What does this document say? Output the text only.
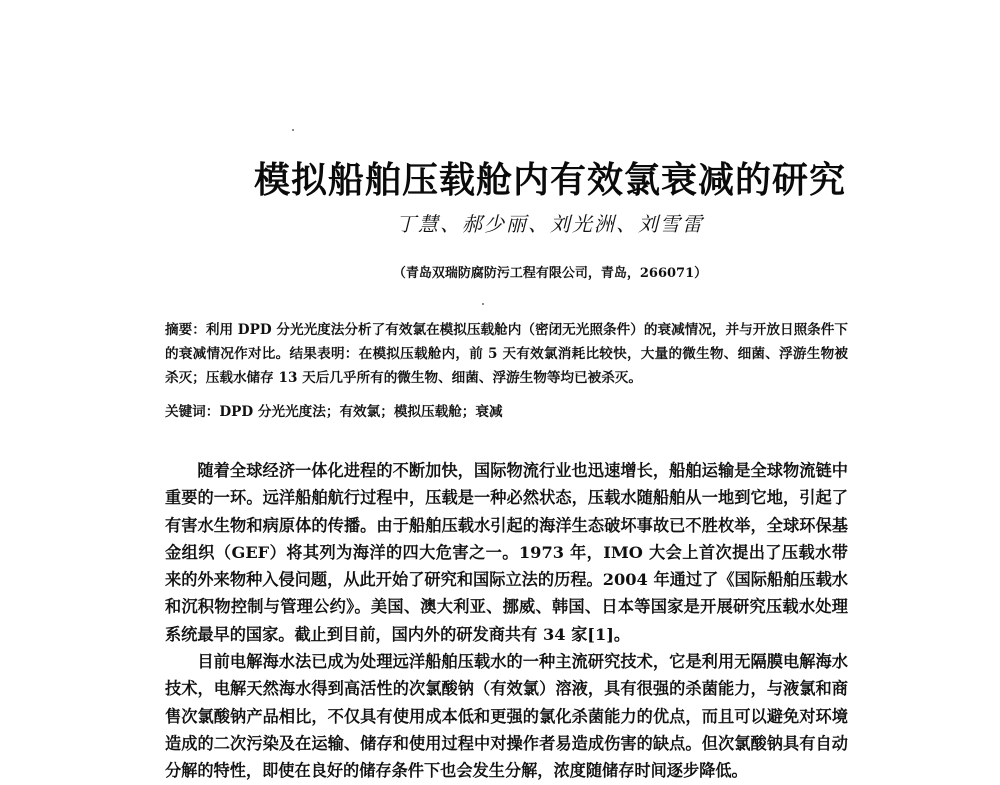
模拟船舶压载舱内有效氯衰减的研究
丁慧、郝少丽、刘光洲、刘雪雷
（青岛双瑞防腐防污工程有限公司，青岛，266071）
摘要：利用 DPD 分光光度法分析了有效氯在模拟压载舱内（密闭无光照条件）的衰减情况，并与开放日照条件下的衰减情况作对比。结果表明：在模拟压载舱内，前 5 天有效氯消耗比较快，大量的微生物、细菌、浮游生物被杀灭；压载水储存 13 天后几乎所有的微生物、细菌、浮游生物等均已被杀灭。
关键词：DPD 分光光度法；有效氯；模拟压载舱；衰减

随着全球经济一体化进程的不断加快，国际物流行业也迅速增长，船舶运输是全球物流链中重要的一环。远洋船舶航行过程中，压载是一种必然状态，压载水随船舶从一地到它地，引起了有害水生物和病原体的传播。由于船舶压载水引起的海洋生态破坏事故已不胜枚举，全球环保基金组织（GEF）将其列为海洋的四大危害之一。1973 年，IMO 大会上首次提出了压载水带来的外来物种入侵问题，从此开始了研究和国际立法的历程。2004 年通过了《国际船舶压载水和沉积物控制与管理公约》。美国、澳大利亚、挪威、韩国、日本等国家是开展研究压载水处理系统最早的国家。截止到目前，国内外的研发商共有 34 家[1]。

目前电解海水法已成为处理远洋船舶压载水的一种主流研究技术，它是利用无隔膜电解海水技术，电解天然海水得到高活性的次氯酸钠（有效氯）溶液，具有很强的杀菌能力，与液氯和商售次氯酸钠产品相比，不仅具有使用成本低和更强的氯化杀菌能力的优点，而且可以避免对环境造成的二次污染及在运输、储存和使用过程中对操作者易造成伤害的缺点。但次氯酸钠具有自动分解的特性，即使在良好的储存条件下也会发生分解，浓度随储存时间逐步降低。
